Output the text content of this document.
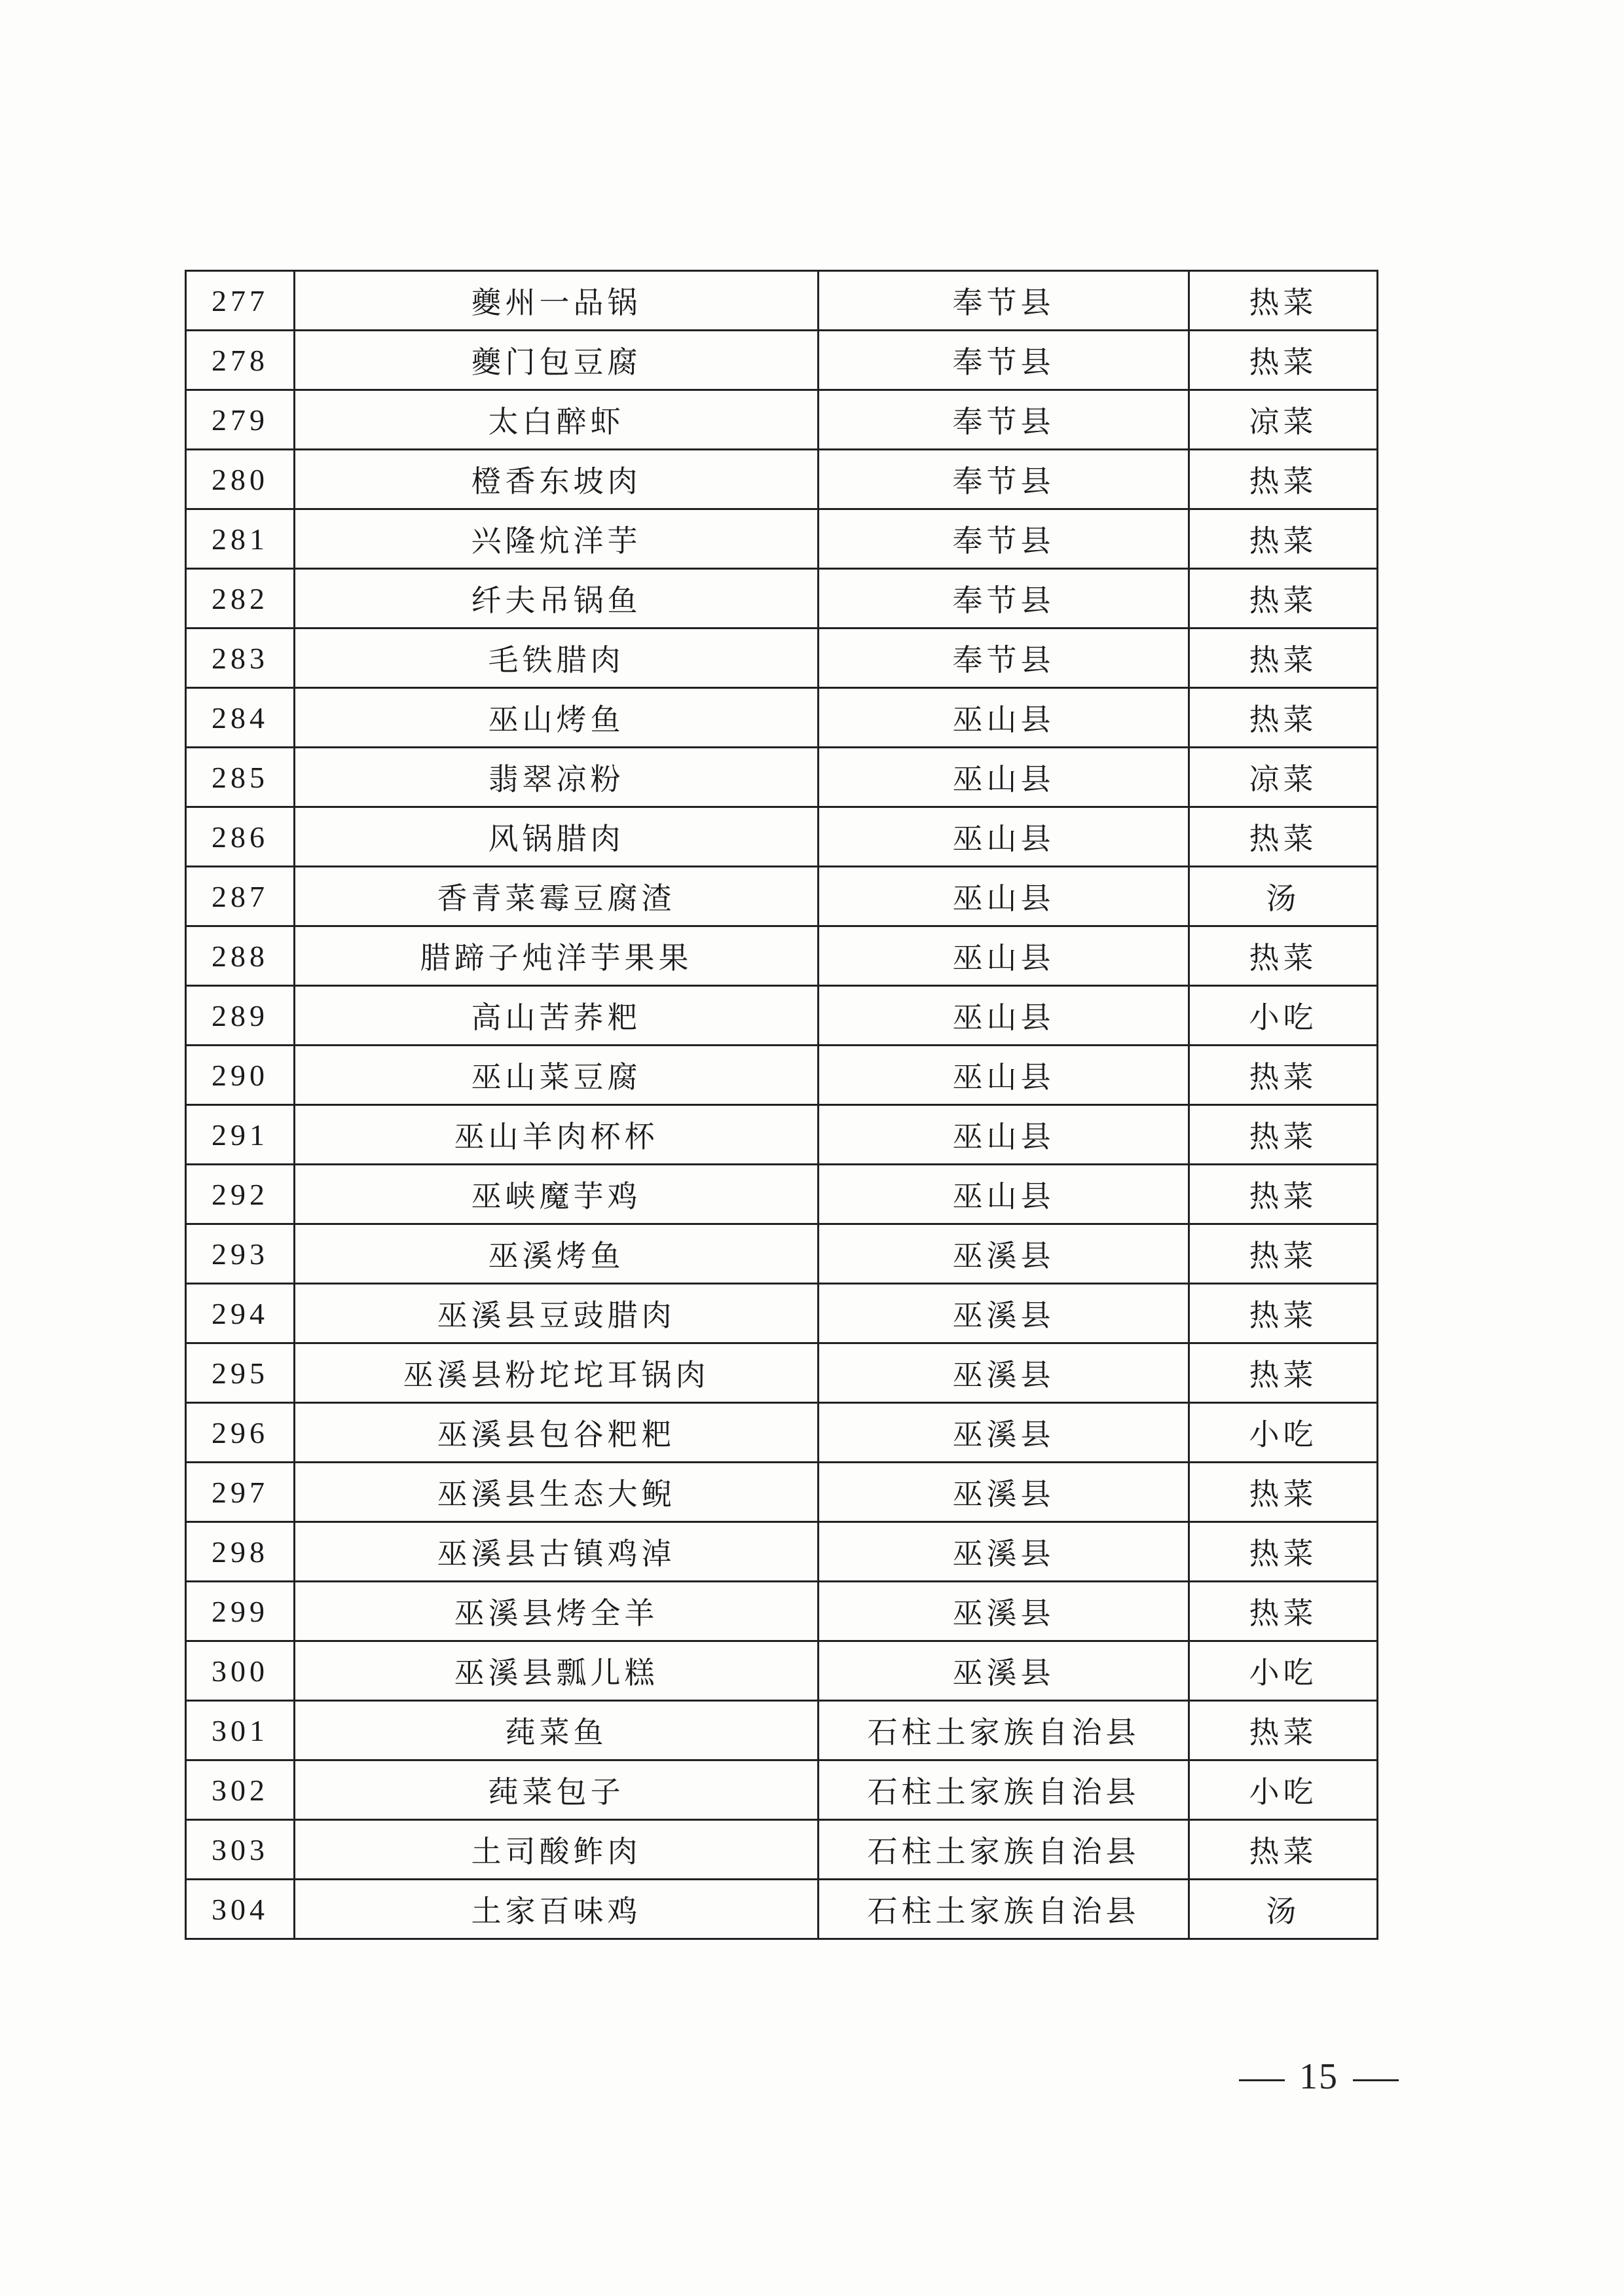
277	夔州一品锅	奉节县	热菜
278	夔门包豆腐	奉节县	热菜
279	太白醉虾	奉节县	凉菜
280	橙香东坡肉	奉节县	热菜
281	兴隆炕洋芋	奉节县	热菜
282	纤夫吊锅鱼	奉节县	热菜
283	毛铁腊肉	奉节县	热菜
284	巫山烤鱼	巫山县	热菜
285	翡翠凉粉	巫山县	凉菜
286	风锅腊肉	巫山县	热菜
287	香青菜霉豆腐渣	巫山县	汤
288	腊蹄子炖洋芋果果	巫山县	热菜
289	高山苦荞粑	巫山县	小吃
290	巫山菜豆腐	巫山县	热菜
291	巫山羊肉杯杯	巫山县	热菜
292	巫峡魔芋鸡	巫山县	热菜
293	巫溪烤鱼	巫溪县	热菜
294	巫溪县豆豉腊肉	巫溪县	热菜
295	巫溪县粉坨坨耳锅肉	巫溪县	热菜
296	巫溪县包谷粑粑	巫溪县	小吃
297	巫溪县生态大鲵	巫溪县	热菜
298	巫溪县古镇鸡淖	巫溪县	热菜
299	巫溪县烤全羊	巫溪县	热菜
300	巫溪县瓢儿糕	巫溪县	小吃
301	莼菜鱼	石柱土家族自治县	热菜
302	莼菜包子	石柱土家族自治县	小吃
303	土司酸鲊肉	石柱土家族自治县	热菜
304	土家百味鸡	石柱土家族自治县	汤
15
